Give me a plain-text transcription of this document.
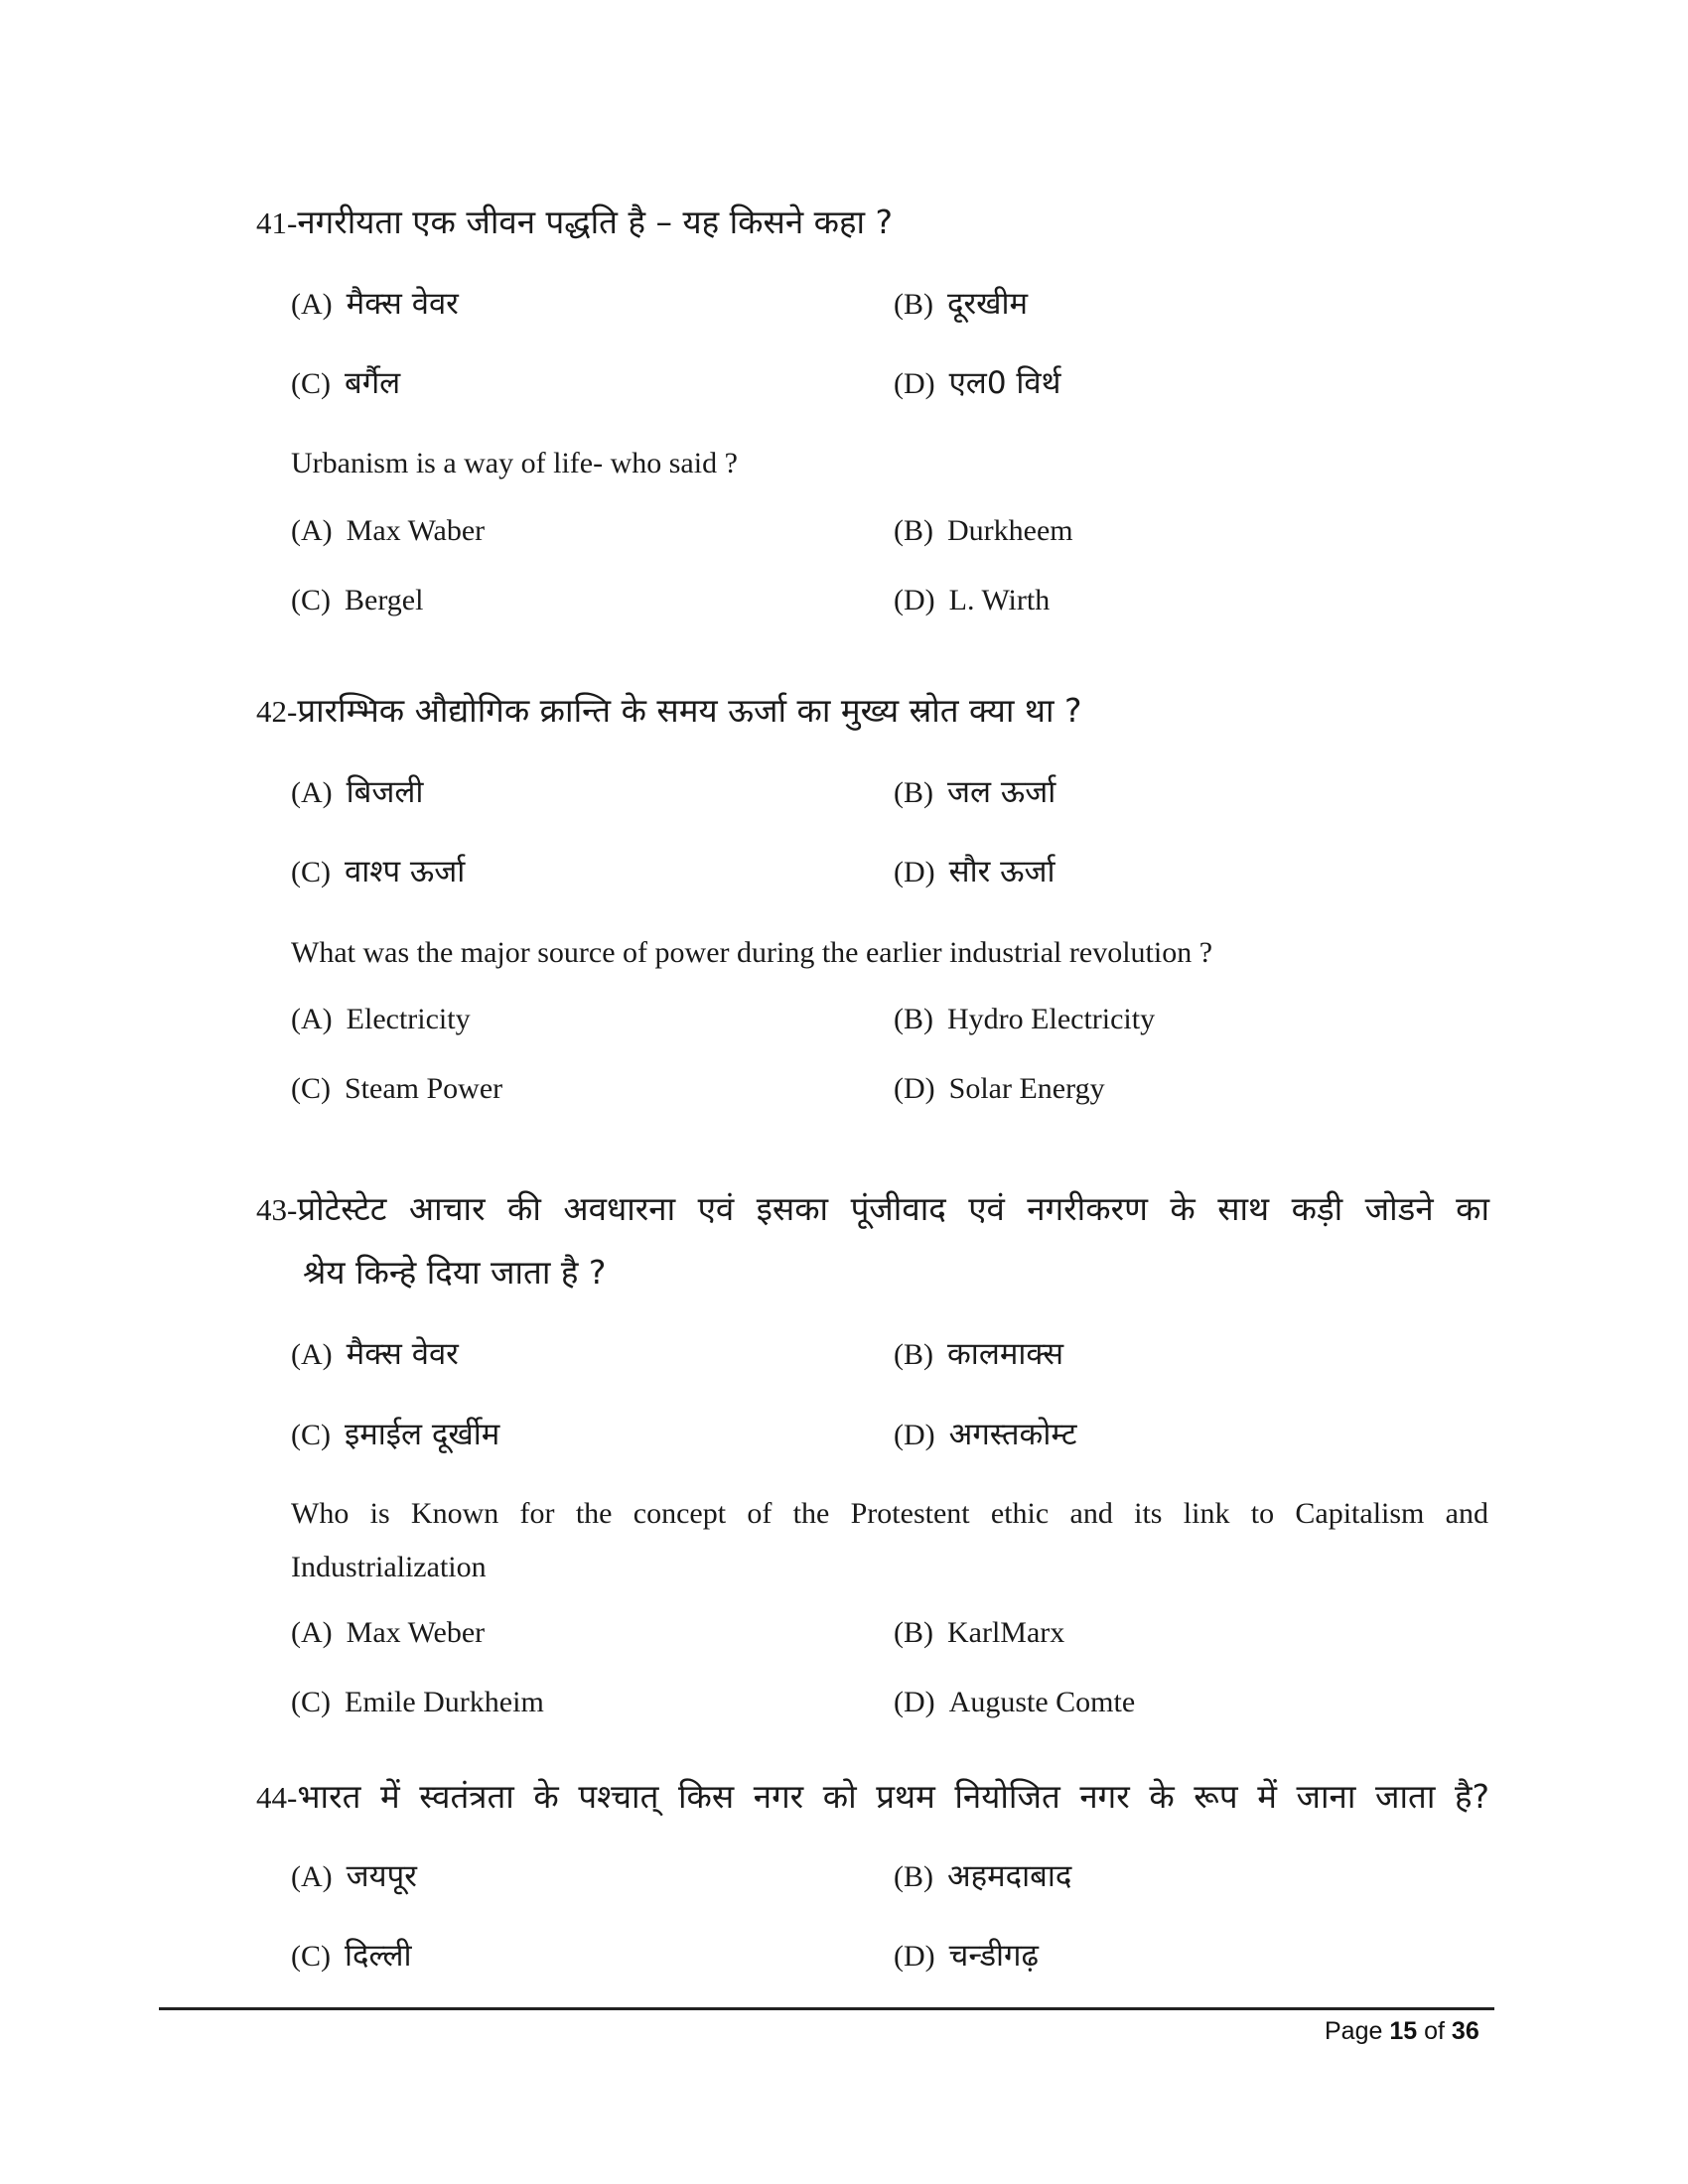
41-नगरीयता एक जीवन पद्धति है – यह किसने कहा ?
(A) मैक्स वेवर	(B) दूरखीम
(C) बर्गैल	(D) एल0 विर्थ
Urbanism is a way of life- who said ?
(A) Max Waber	(B) Durkheem
(C) Bergel	(D) L. Wirth
42-प्रारम्भिक औद्योगिक क्रान्ति के समय ऊर्जा का मुख्य स्रोत क्या था ?
(A) बिजली	(B) जल ऊर्जा
(C) वाश्प ऊर्जा	(D) सौर ऊर्जा
What was the major source of power during the earlier industrial revolution ?
(A) Electricity	(B) Hydro Electricity
(C) Steam Power	(D) Solar Energy
43-प्रोटेस्टेट आचार की अवधारना एवं इसका पूंजीवाद एवं नगरीकरण के साथ कड़ी जोडने का
श्रेय किन्हे दिया जाता है ?
(A) मैक्स वेवर	(B) कालमाक्स
(C) इमाईल दूर्खीम	(D) अगस्तकोम्ट
Who is Known for the concept of the Protestent ethic and its link to Capitalism and
Industrialization
(A) Max Weber	(B) KarlMarx
(C) Emile Durkheim	(D) Auguste Comte
44-भारत में स्वतंत्रता के पश्चात् किस नगर को प्रथम नियोजित नगर के रूप में जाना जाता है?
(A) जयपूर	(B) अहमदाबाद
(C) दिल्ली	(D) चन्डीगढ़
Page 15 of 36
